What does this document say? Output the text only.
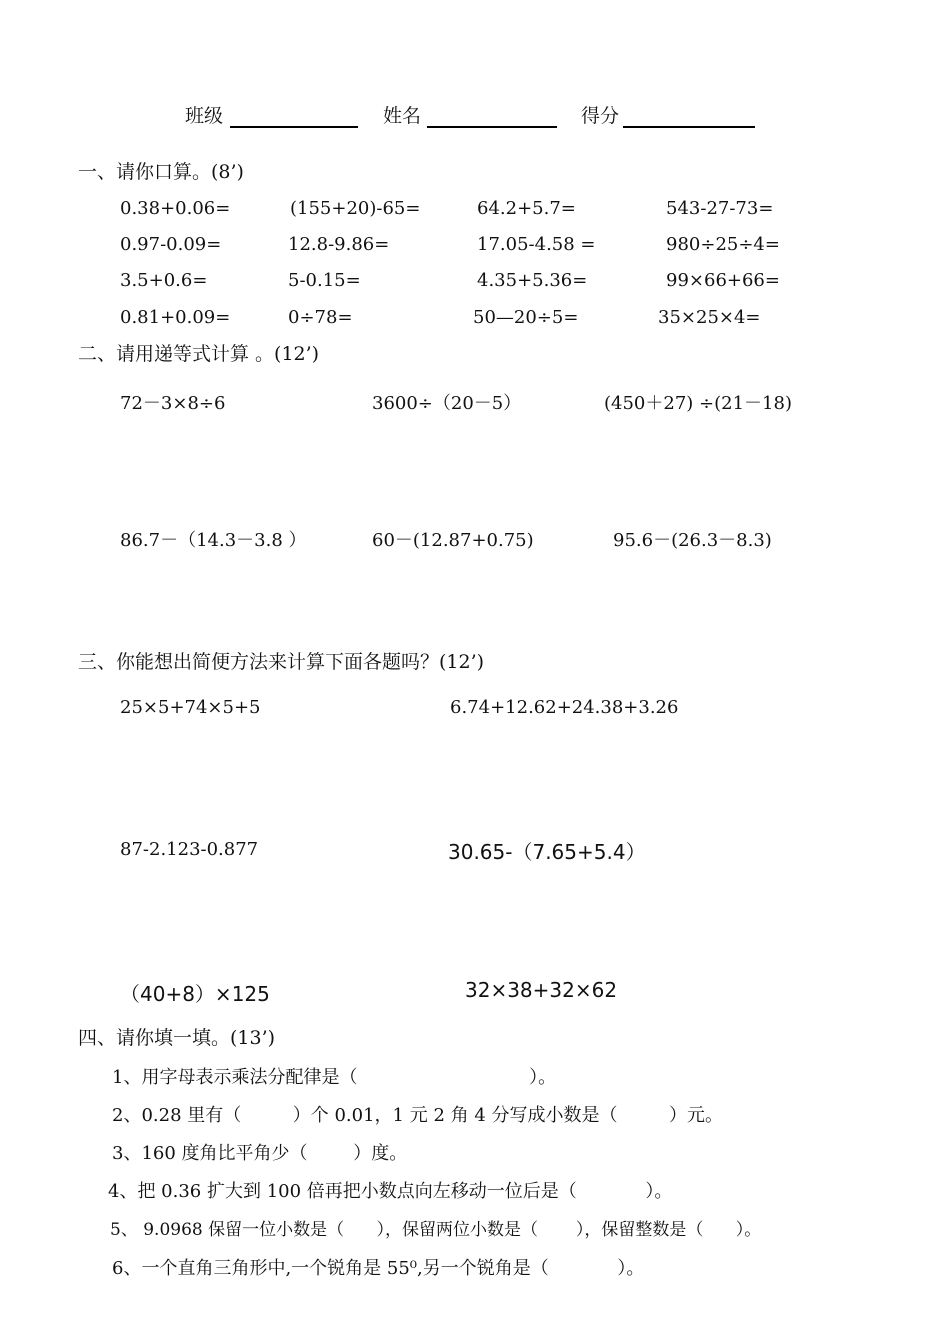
班级	姓名	得分
一、请你口算。(8’)
0.38+0.06=	(155+20)-65=	64.2+5.7=	543-27-73=
0.97-0.09=	12.8-9.86=	17.05-4.58 =	980÷25÷4=
3.5+0.6=	5-0.15=	4.35+5.36=	99×66+66=
0.81+0.09=	0÷78=	50—20÷5=	35×25×4=
二、请用递等式计算 。(12’)
72－3×8÷6	3600÷（20－5）	(450＋27) ÷(21－18)
86.7－（14.3－3.8 ）	60－(12.87+0.75)	95.6－(26.3－8.3)
三、你能想出简便方法来计算下面各题吗？(12’)
25×5+74×5+5	6.74+12.62+24.38+3.26
87-2.123-0.877	30.65-（7.65+5.4）
（40+8）×125	32×38+32×62
四、请你填一填。(13’)
1、用字母表示乘法分配律是（                              ）。
2、0.28 里有（         ）个 0.01，1 元 2 角 4 分写成小数是（         ）元。
3、160 度角比平角少（        ）度。
4、把 0.36 扩大到 100 倍再把小数点向左移动一位后是（            ）。
5、 9.0968 保留一位小数是（      ），保留两位小数是（       ），保留整数是（      ）。
6、一个直角三角形中,一个锐角是 55⁰,另一个锐角是（            ）。
